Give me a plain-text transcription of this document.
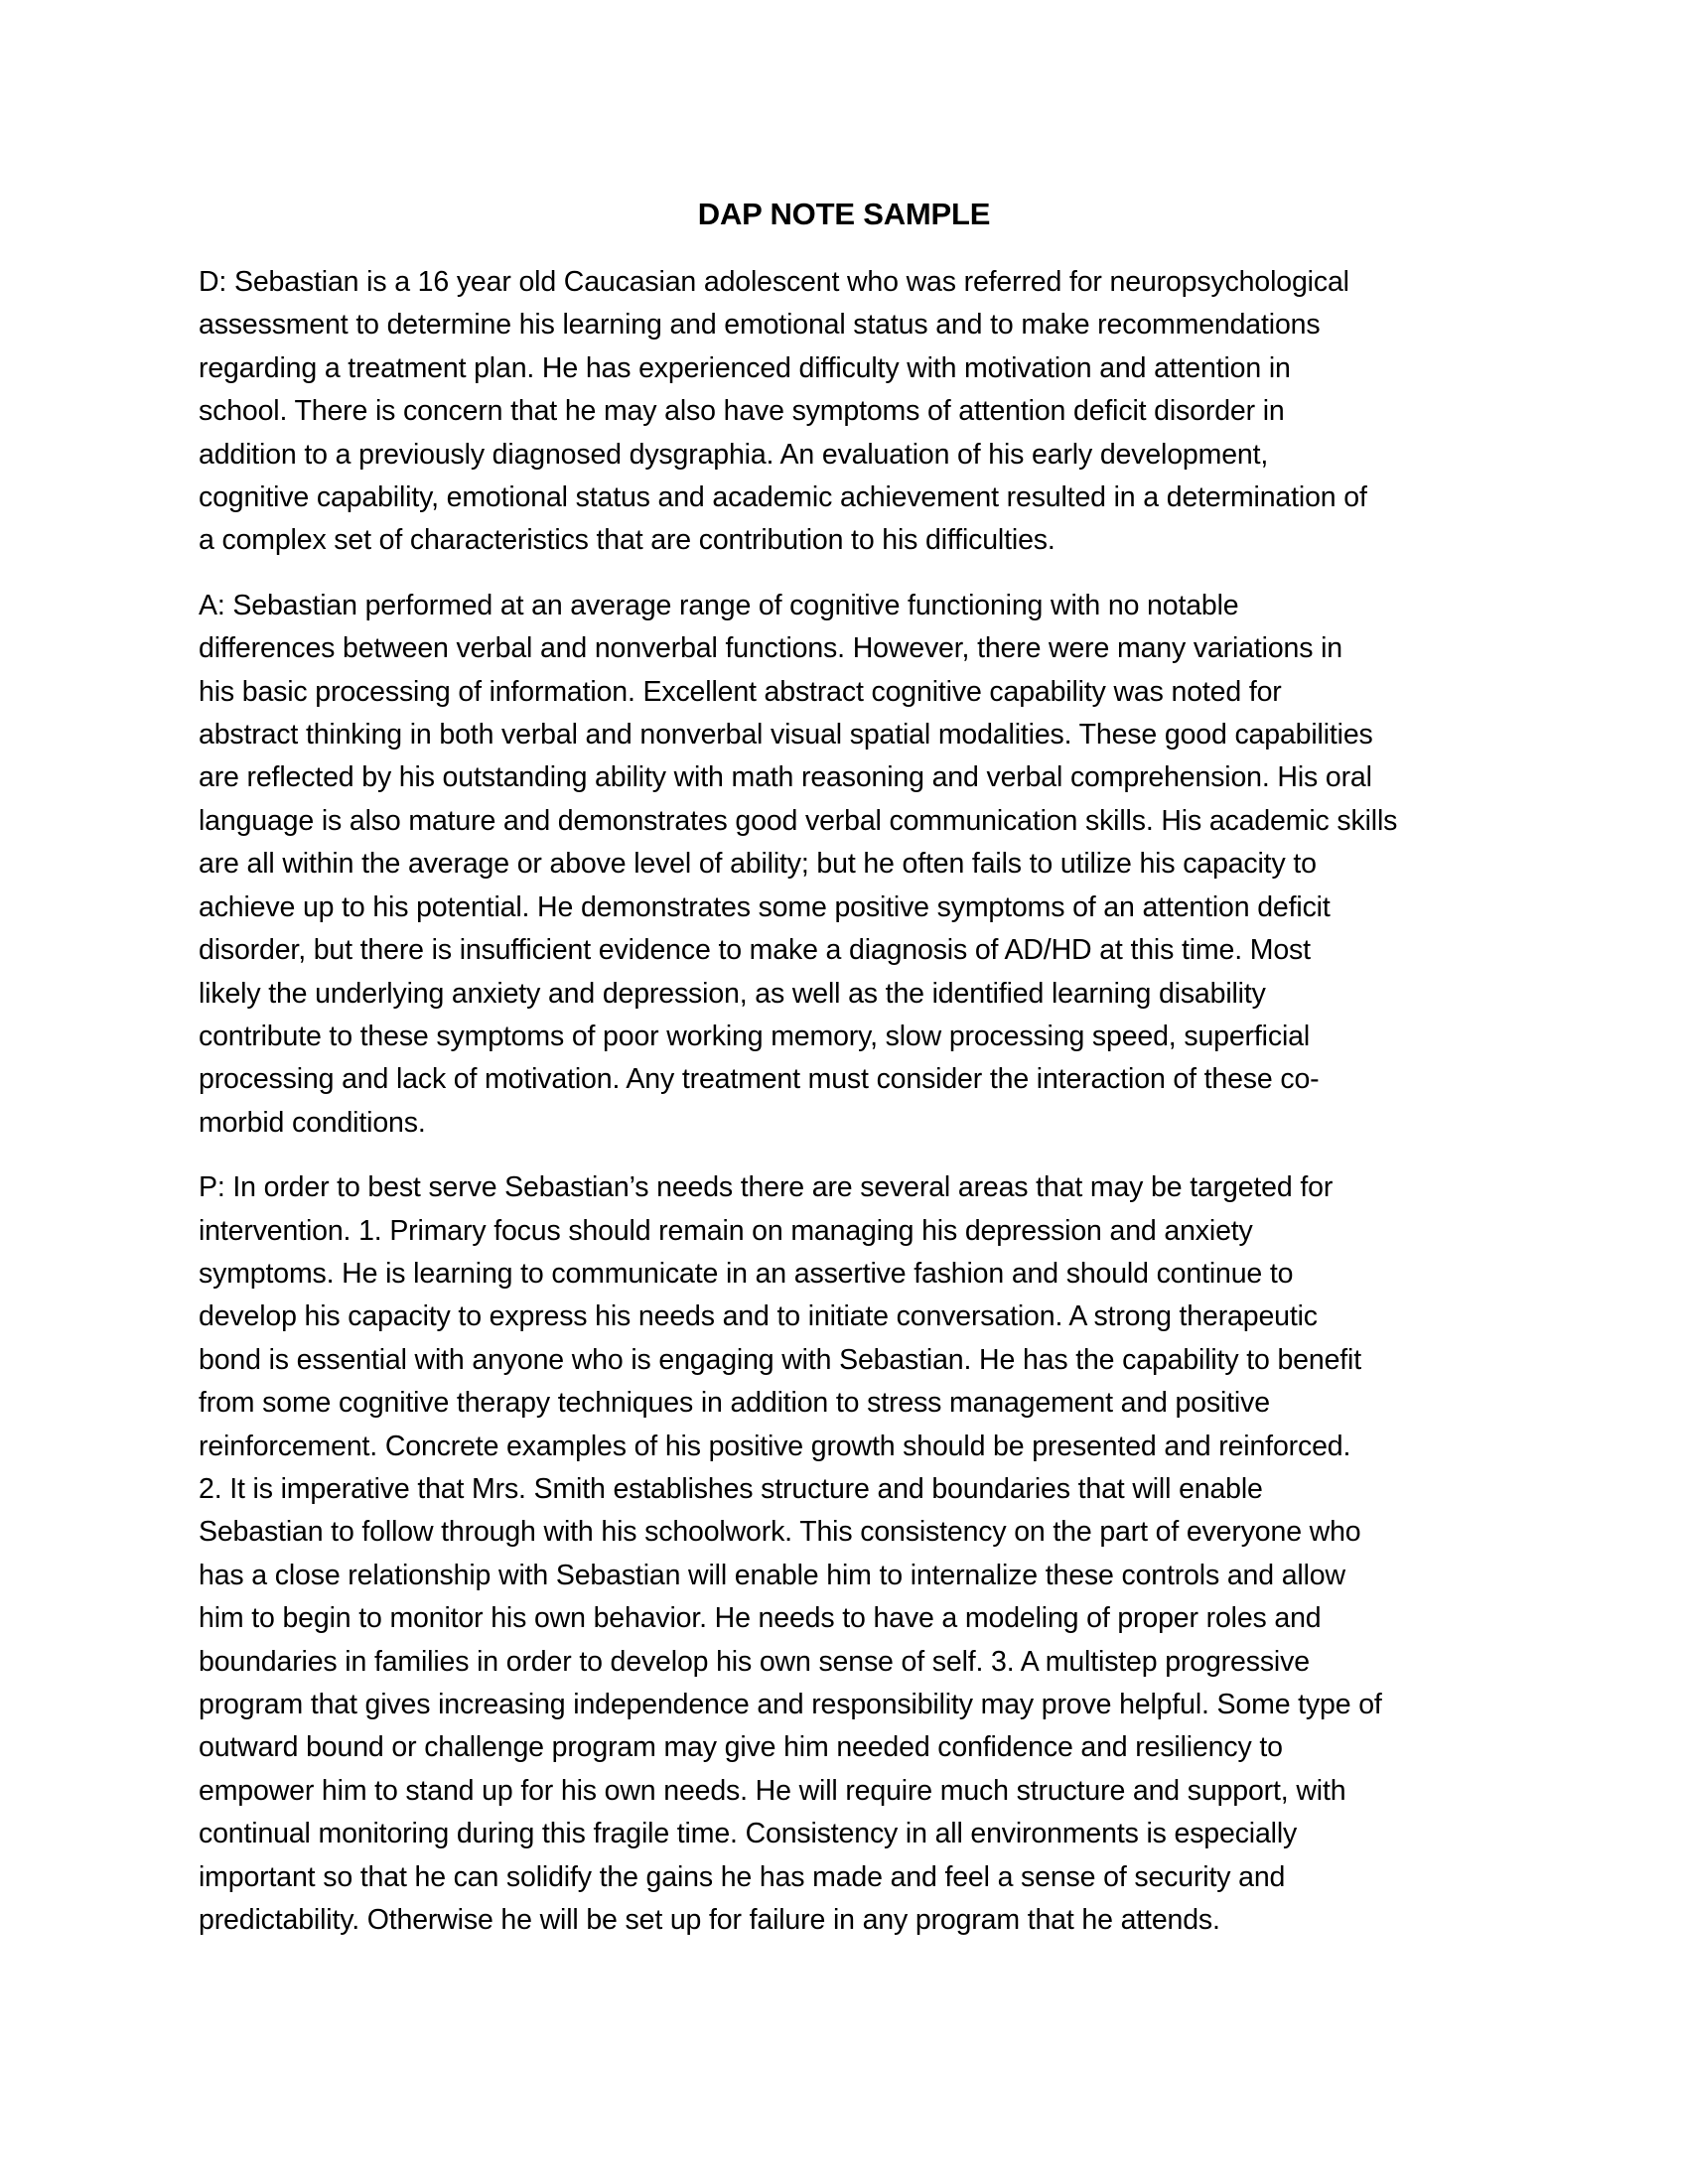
DAP NOTE SAMPLE

D: Sebastian is a 16 year old Caucasian adolescent who was referred for neuropsychological
assessment to determine his learning and emotional status and to make recommendations
regarding a treatment plan. He has experienced difficulty with motivation and attention in
school. There is concern that he may also have symptoms of attention deficit disorder in
addition to a previously diagnosed dysgraphia. An evaluation of his early development,
cognitive capability, emotional status and academic achievement resulted in a determination of
a complex set of characteristics that are contribution to his difficulties.

A: Sebastian performed at an average range of cognitive functioning with no notable
differences between verbal and nonverbal functions. However, there were many variations in
his basic processing of information. Excellent abstract cognitive capability was noted for
abstract thinking in both verbal and nonverbal visual spatial modalities. These good capabilities
are reflected by his outstanding ability with math reasoning and verbal comprehension. His oral
language is also mature and demonstrates good verbal communication skills. His academic skills
are all within the average or above level of ability; but he often fails to utilize his capacity to
achieve up to his potential. He demonstrates some positive symptoms of an attention deficit
disorder, but there is insufficient evidence to make a diagnosis of AD/HD at this time. Most
likely the underlying anxiety and depression, as well as the identified learning disability
contribute to these symptoms of poor working memory, slow processing speed, superficial
processing and lack of motivation. Any treatment must consider the interaction of these co-
morbid conditions.

P: In order to best serve Sebastian’s needs there are several areas that may be targeted for
intervention. 1. Primary focus should remain on managing his depression and anxiety
symptoms. He is learning to communicate in an assertive fashion and should continue to
develop his capacity to express his needs and to initiate conversation. A strong therapeutic
bond is essential with anyone who is engaging with Sebastian. He has the capability to benefit
from some cognitive therapy techniques in addition to stress management and positive
reinforcement. Concrete examples of his positive growth should be presented and reinforced.
2. It is imperative that Mrs. Smith establishes structure and boundaries that will enable
Sebastian to follow through with his schoolwork. This consistency on the part of everyone who
has a close relationship with Sebastian will enable him to internalize these controls and allow
him to begin to monitor his own behavior. He needs to have a modeling of proper roles and
boundaries in families in order to develop his own sense of self. 3. A multistep progressive
program that gives increasing independence and responsibility may prove helpful. Some type of
outward bound or challenge program may give him needed confidence and resiliency to
empower him to stand up for his own needs. He will require much structure and support, with
continual monitoring during this fragile time. Consistency in all environments is especially
important so that he can solidify the gains he has made and feel a sense of security and
predictability. Otherwise he will be set up for failure in any program that he attends.
